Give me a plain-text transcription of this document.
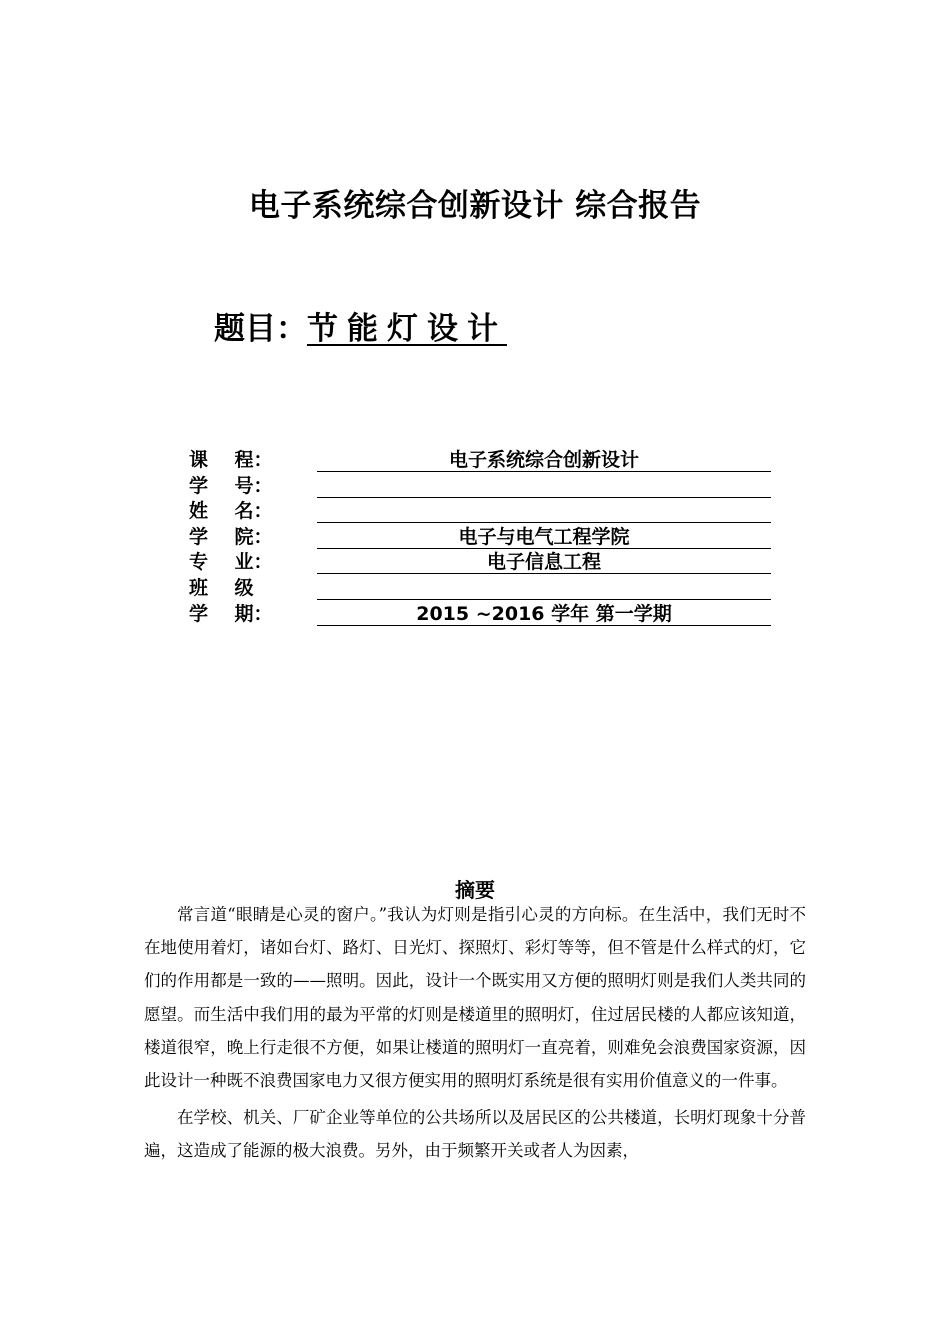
电子系统综合创新设计 综合报告
题目：节能灯设计
课    程：	电子系统综合创新设计
学    号：
姓    名：
学    院：	电子与电气工程学院
专    业：	电子信息工程
班    级
学    期：	2015 ~2016 学年 第一学期
摘要

常言道“眼睛是心灵的窗户。”我认为灯则是指引心灵的方向标。在生活中，我们无时不在地使用着灯，诸如台灯、路灯、日光灯、探照灯、彩灯等等，但不管是什么样式的灯，它们的作用都是一致的——照明。因此，设计一个既实用又方便的照明灯则是我们人类共同的愿望。而生活中我们用的最为平常的灯则是楼道里的照明灯，住过居民楼的人都应该知道，楼道很窄，晚上行走很不方便，如果让楼道的照明灯一直亮着，则难免会浪费国家资源，因此设计一种既不浪费国家电力又很方便实用的照明灯系统是很有实用价值意义的一件事。

在学校、机关、厂矿企业等单位的公共场所以及居民区的公共楼道，长明灯现象十分普遍，这造成了能源的极大浪费。另外，由于频繁开关或者人为因素，
